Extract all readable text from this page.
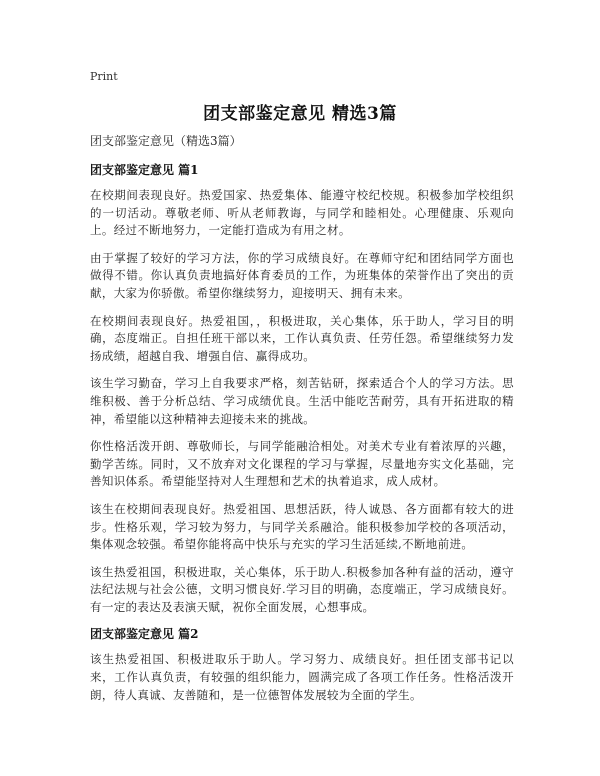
Print
团支部鉴定意见 精选3篇

团支部鉴定意见（精选3篇）

团支部鉴定意见 篇1

在校期间表现良好。热爱国家、热爱集体、能遵守校纪校规。积极参加学校组织的一切活动。尊敬老师、听从老师教诲，与同学和睦相处。心理健康、乐观向上。经过不断地努力，一定能打造成为有用之材。

由于掌握了较好的学习方法，你的学习成绩良好。在尊师守纪和团结同学方面也做得不错。你认真负责地搞好体育委员的工作，为班集体的荣誉作出了突出的贡献，大家为你骄傲。希望你继续努力，迎接明天、拥有未来。

在校期间表现良好。热爱祖国，，积极进取，关心集体，乐于助人，学习目的明确，态度端正。自担任班干部以来，工作认真负责、任劳任怨。希望继续努力发扬成绩，超越自我、增强自信、赢得成功。

该生学习勤奋，学习上自我要求严格，刻苦钻研，探索适合个人的学习方法。思维积极、善于分析总结、学习成绩优良。生活中能吃苦耐劳，具有开拓进取的精神，希望能以这种精神去迎接未来的挑战。

你性格活泼开朗、尊敬师长，与同学能融洽相处。对美术专业有着浓厚的兴趣，勤学苦练。同时，又不放弃对文化课程的学习与掌握，尽量地夯实文化基础，完善知识体系。希望能坚持对人生理想和艺术的执着追求，成人成材。

该生在校期间表现良好。热爱祖国、思想活跃，待人诚恳、各方面都有较大的进步。性格乐观，学习较为努力，与同学关系融洽。能积极参加学校的各项活动，集体观念较强。希望你能将高中快乐与充实的学习生活延续,不断地前进。

该生热爱祖国，积极进取，关心集体，乐于助人.积极参加各种有益的活动，遵守法纪法规与社会公德，文明习惯良好.学习目的明确，态度端正，学习成绩良好。有一定的表达及表演天赋，祝你全面发展，心想事成。

团支部鉴定意见 篇2

该生热爱祖国、积极进取乐于助人。学习努力、成绩良好。担任团支部书记以来，工作认真负责，有较强的组织能力，圆满完成了各项工作任务。性格活泼开朗，待人真诚、友善随和，是一位德智体发展较为全面的学生。
